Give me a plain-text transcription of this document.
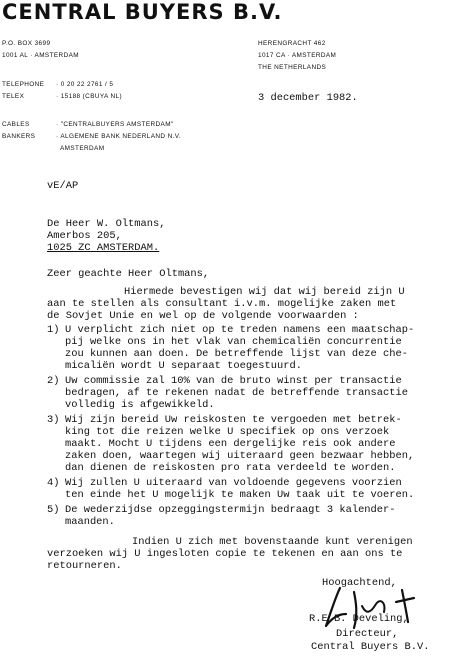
CENTRAL BUYERS B.V.
P.O. BOX 3699
1001 AL · AMSTERDAM
HERENGRACHT 462
1017 CA · AMSTERDAM
THE NETHERLANDS
TELEPHONE · 0 20 22 2761 / 5
TELEX	· 15188 (CBUYA NL)	3 december 1982.
CABLES	· "CENTRALBUYERS AMSTERDAM"
BANKERS	· ALGEMENE BANK NEDERLAND N.V.
AMSTERDAM
vE/AP
De Heer W. Oltmans,
Amerbos 205,
1025 ZC AMSTERDAM.
Zeer geachte Heer Oltmans,
Hiermede bevestigen wij dat wij bereid zijn U
aan te stellen als consultant i.v.m. mogelijke zaken met
de Sovjet Unie en wel op de volgende voorwaarden :
1) U verplicht zich niet op te treden namens een maatschap-
pij welke ons in het vlak van chemicaliën concurrentie
zou kunnen aan doen. De betreffende lijst van deze che-
micaliën wordt U separaat toegestuurd.
2) Uw commissie zal 10% van de bruto winst per transactie
bedragen, af te rekenen nadat de betreffende transactie
volledig is afgewikkeld.
3) Wij zijn bereid Uw reiskosten te vergoeden met betrek-
king tot die reizen welke U specifiek op ons verzoek
maakt. Mocht U tijdens een dergelijke reis ook andere
zaken doen, waartegen wij uiteraard geen bezwaar hebben,
dan dienen de reiskosten pro rata verdeeld te worden.
4) Wij zullen U uiteraard van voldoende gegevens voorzien
ten einde het U mogelijk te maken Uw taak uit te voeren.
5) De wederzijdse opzeggingstermijn bedraagt 3 kalender-
maanden.
Indien U zich met bovenstaande kunt verenigen
verzoeken wij U ingesloten copie te tekenen en aan ons te
retourneren.
Hoogachtend,
R.E.B. Develing,
Directeur,
Central Buyers B.V.
